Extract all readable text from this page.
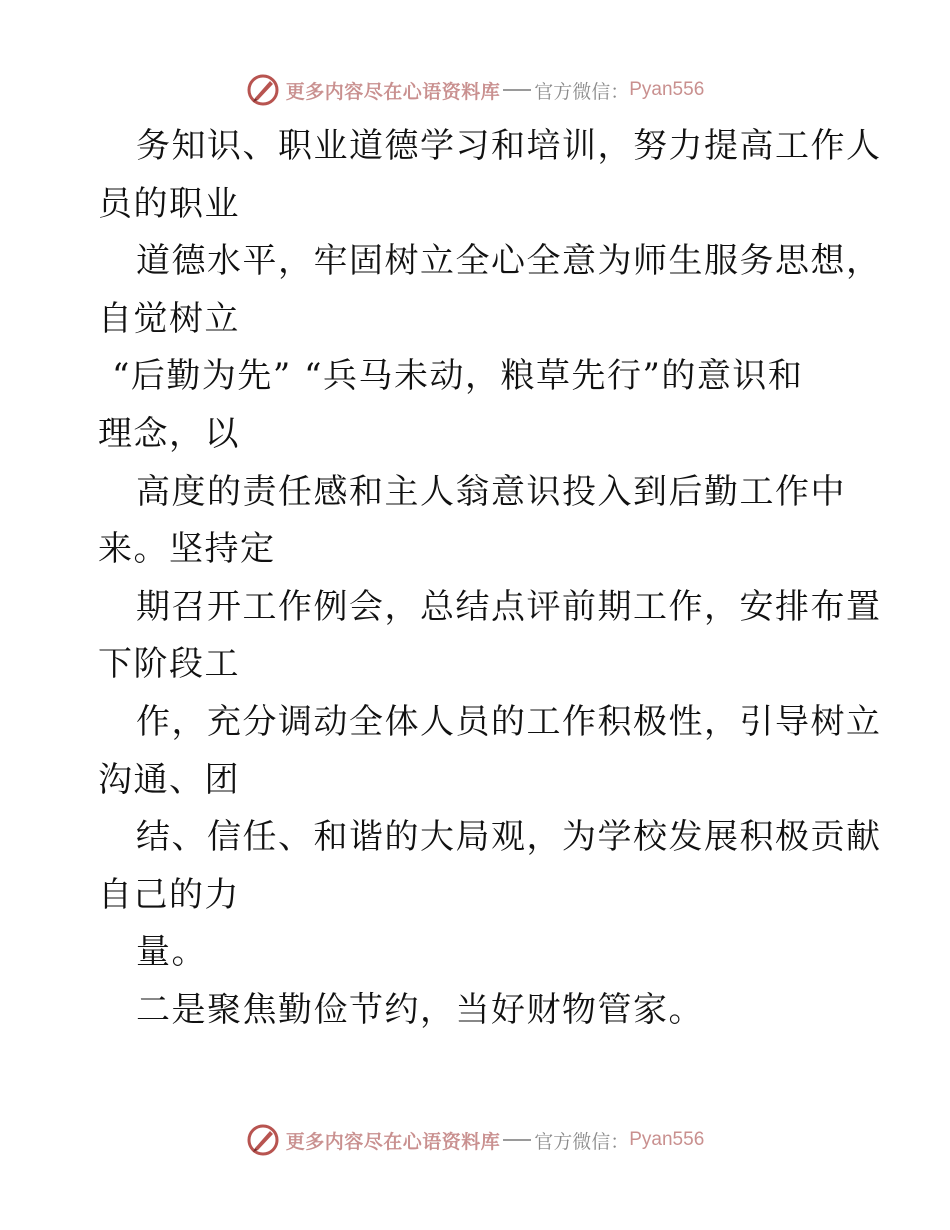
更多内容尽在心语资料库 官方微信： Pyan556
务知识、职业道德学习和培训，努力提高工作人
员的职业
道德水平，牢固树立全心全意为师生服务思想，
自觉树立
“后勤为先” “兵马未动，粮草先行”的意识和
理念，以
高度的责任感和主人翁意识投入到后勤工作中
来。坚持定
期召开工作例会，总结点评前期工作，安排布置
下阶段工
作，充分调动全体人员的工作积极性，引导树立
沟通、团
结、信任、和谐的大局观，为学校发展积极贡献
自己的力
量。
二是聚焦勤俭节约，当好财物管家。
更多内容尽在心语资料库 官方微信： Pyan556
